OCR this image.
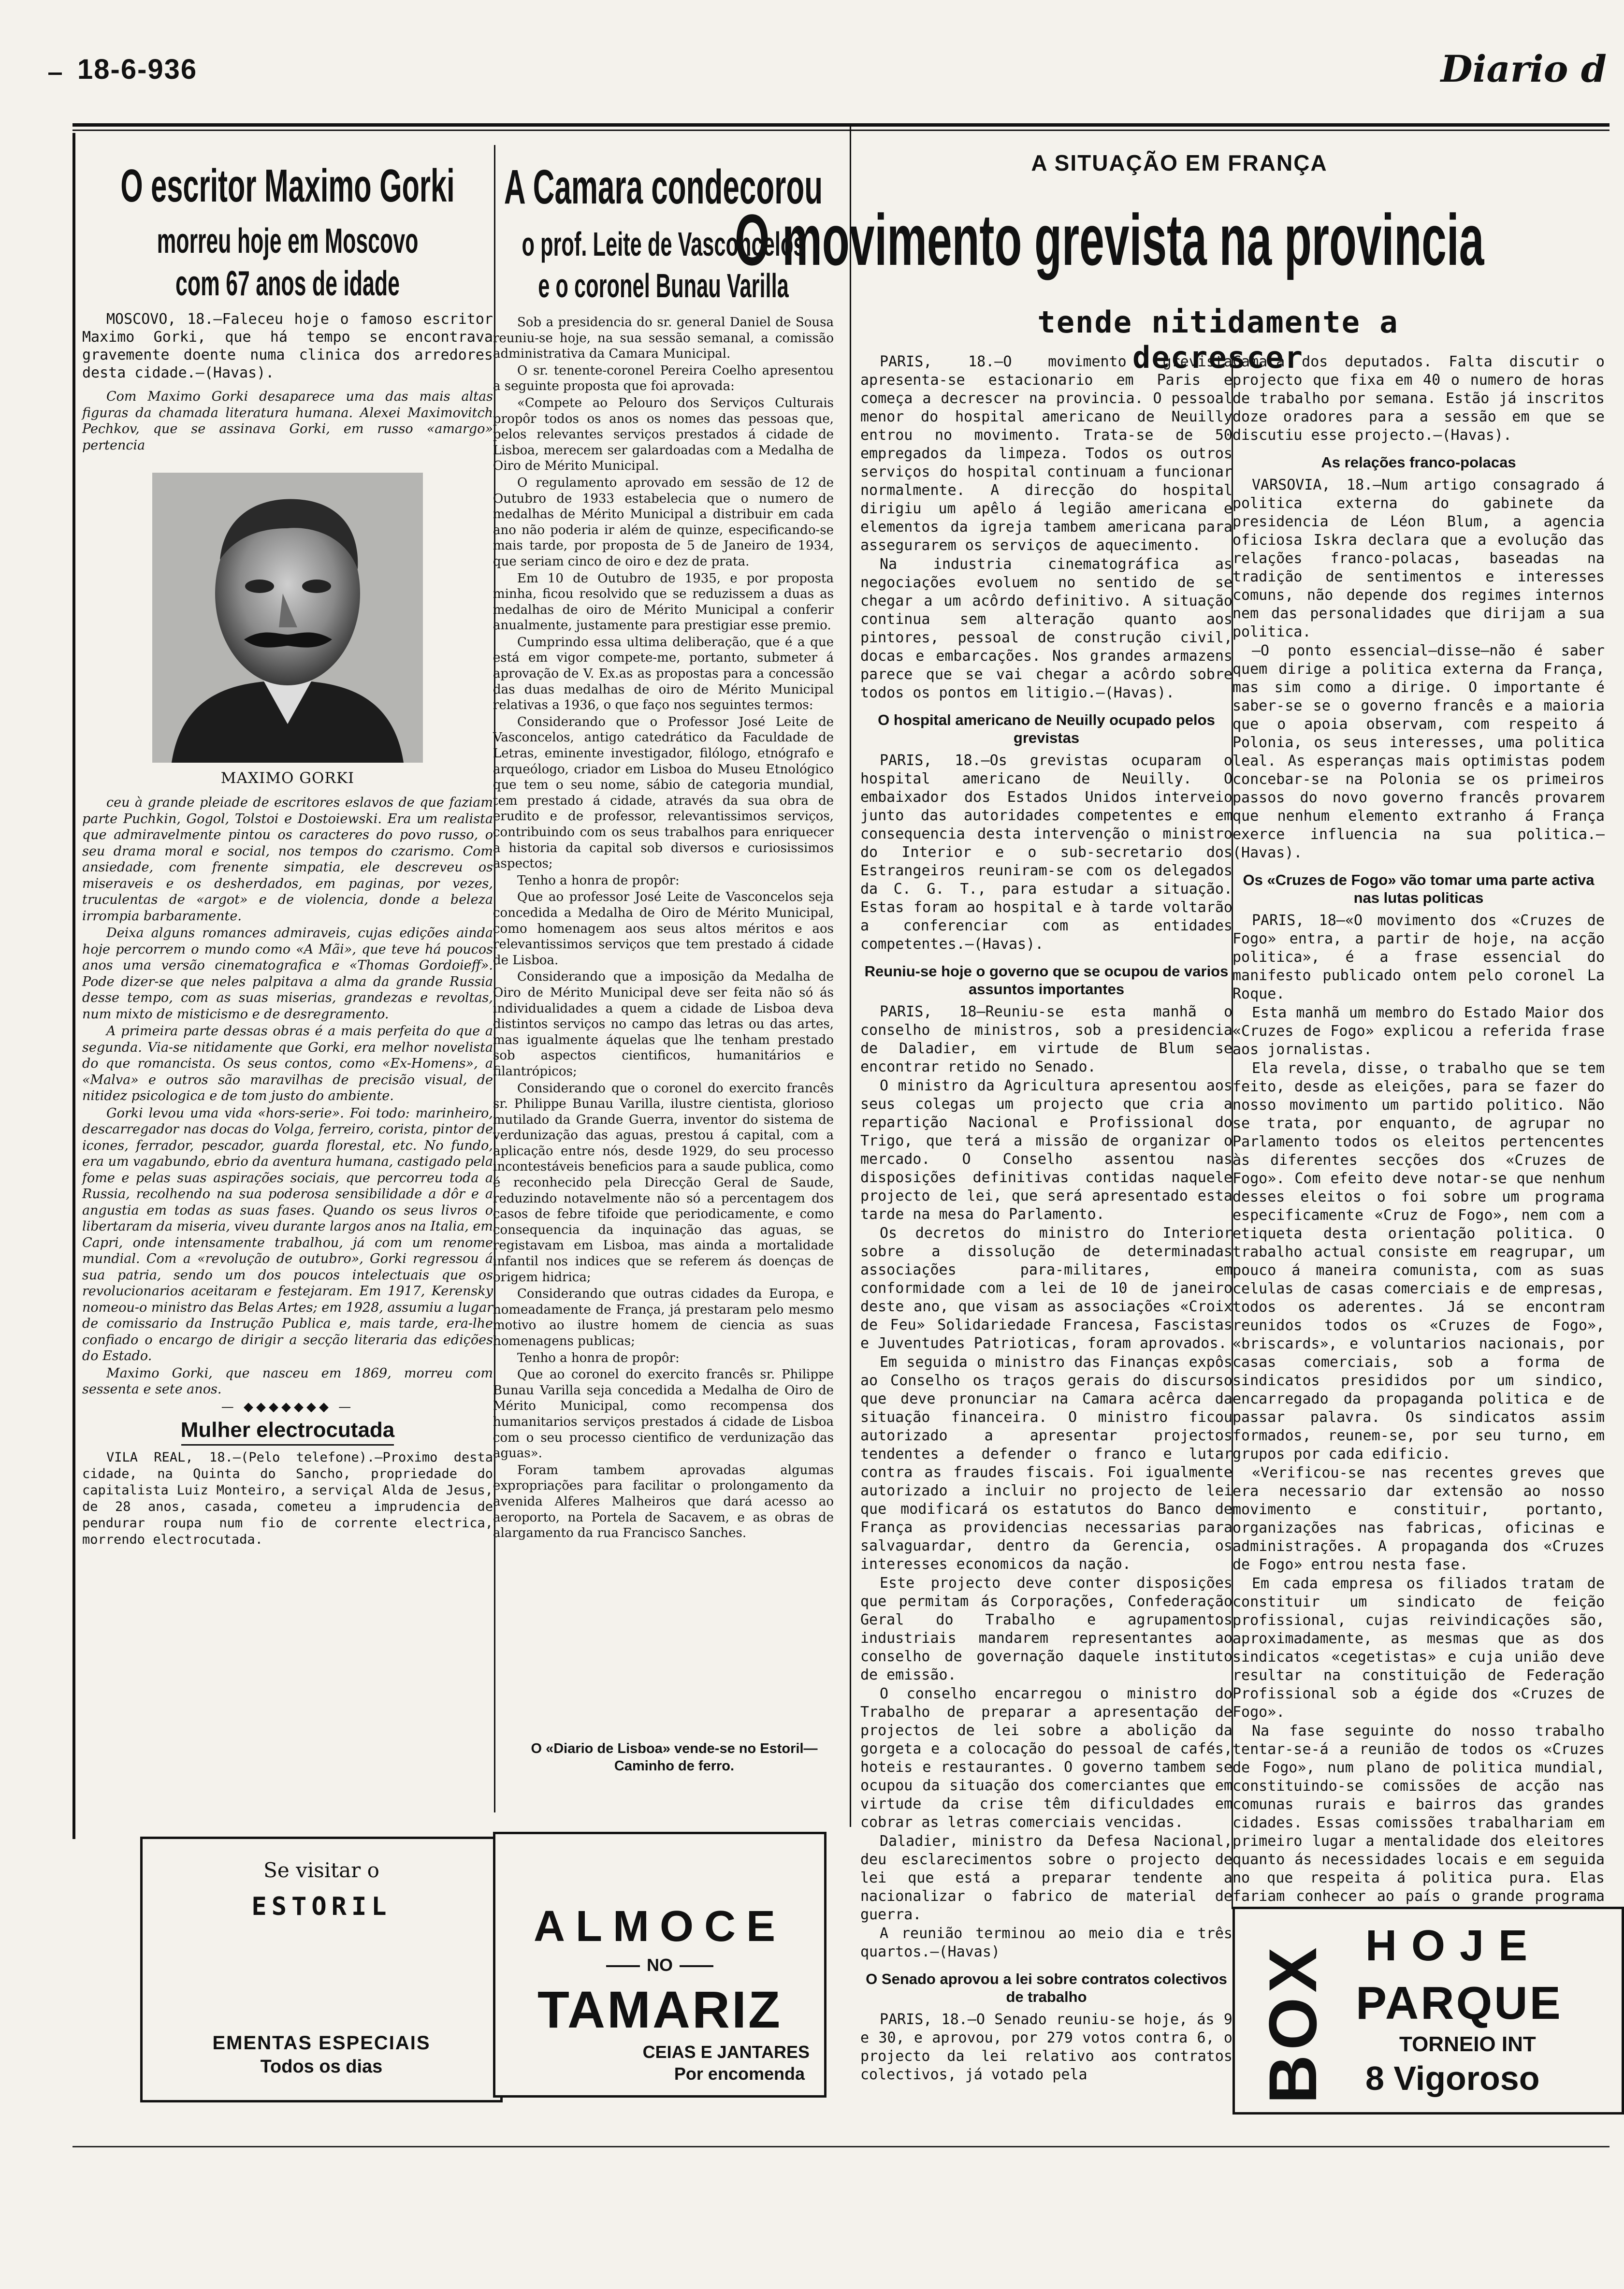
18-6-936	Diario d
O escritor Maximo Gorki
morreu hoje em Moscovo
com 67 anos de idade

MOSCOVO, 18.—Faleceu hoje o famoso escritor Maximo Gorki, que há tempo se encontrava gravemente doente numa clinica dos arredores desta cidade.—(Havas).

Com Maximo Gorki desaparece uma das mais altas figuras da chamada literatura humana. Alexei Maximovitch Pechkov, que se assinava Gorki, em russo «amargo» pertencia

MAXIMO GORKI

ceu à grande pleiade de escritores eslavos de que faziam parte Puchkin, Gogol, Tolstoi e Dostoiewski. Era um realista que admiravelmente pintou os caracteres do povo russo, o seu drama moral e social, nos tempos do czarismo. Com ansiedade, com frenente simpatia, ele descreveu os miseraveis e os desherdados, em paginas, por vezes, truculentas de «argot» e de violencia, donde a beleza irrompia barbaramente.

Deixa alguns romances admiraveis, cujas edições ainda hoje percorrem o mundo como «A Mãi», que teve há poucos anos uma versão cinematografica e «Thomas Gordoieff». Pode dizer-se que neles palpitava a alma da grande Russia desse tempo, com as suas miserias, grandezas e revoltas, num mixto de misticismo e de desregramento.

A primeira parte dessas obras é a mais perfeita do que a segunda. Via-se nitidamente que Gorki, era melhor novelista do que romancista. Os seus contos, como «Ex-Homens», a «Malva» e outros são maravilhas de precisão visual, de nitidez psicologica e de tom justo do ambiente.

Gorki levou uma vida «hors-serie». Foi todo: marinheiro, descarregador nas docas do Volga, ferreiro, corista, pintor de icones, ferrador, pescador, guarda florestal, etc. No fundo, era um vagabundo, ebrio da aventura humana, castigado pela fome e pelas suas aspirações sociais, que percorreu toda a Russia, recolhendo na sua poderosa sensibilidade a dôr e a angustia em todas as suas fases. Quando os seus livros o libertaram da miseria, viveu durante largos anos na Italia, em Capri, onde intensamente trabalhou, já com um renome mundial. Com a «revolução de outubro», Gorki regressou á sua patria, sendo um dos poucos intelectuais que os revolucionarios aceitaram e festejaram. Em 1917, Kerensky nomeou-o ministro das Belas Artes; em 1928, assumiu a lugar de comissario da Instrução Publica e, mais tarde, era-lhe confiado o encargo de dirigir a secção literaria das edições do Estado.

Maximo Gorki, que nasceu em 1869, morreu com sessenta e sete anos.

— ◆◆◆◆◆◆◆ —
Mulher electrocutada

VILA REAL, 18.—(Pelo telefone).—Proximo desta cidade, na Quinta do Sancho, propriedade do capitalista Luiz Monteiro, a serviçal Alda de Jesus, de 28 anos, casada, cometeu a imprudencia de pendurar roupa num fio de corrente electrica, morrendo electrocutada.

A Camara condecorou
o prof. Leite de Vasconcelos
e o coronel Bunau Varilla

Sob a presidencia do sr. general Daniel de Sousa reuniu-se hoje, na sua sessão semanal, a comissão administrativa da Camara Municipal.

O sr. tenente-coronel Pereira Coelho apresentou a seguinte proposta que foi aprovada:

«Compete ao Pelouro dos Serviços Culturais propôr todos os anos os nomes das pessoas que, pelos relevantes serviços prestados á cidade de Lisboa, merecem ser galardoadas com a Medalha de Oiro de Mérito Municipal.

O regulamento aprovado em sessão de 12 de Outubro de 1933 estabelecia que o numero de medalhas de Mérito Municipal a distribuir em cada ano não poderia ir além de quinze, especificando-se mais tarde, por proposta de 5 de Janeiro de 1934, que seriam cinco de oiro e dez de prata.

Em 10 de Outubro de 1935, e por proposta minha, ficou resolvido que se reduzissem a duas as medalhas de oiro de Mérito Municipal a conferir anualmente, justamente para prestigiar esse premio.

Cumprindo essa ultima deliberação, que é a que está em vigor compete-me, portanto, submeter á aprovação de V. Ex.as as propostas para a concessão das duas medalhas de oiro de Mérito Municipal relativas a 1936, o que faço nos seguintes termos:

Considerando que o Professor José Leite de Vasconcelos, antigo catedrático da Faculdade de Letras, eminente investigador, filólogo, etnógrafo e arqueólogo, criador em Lisboa do Museu Etnológico que tem o seu nome, sábio de categoria mundial, tem prestado á cidade, através da sua obra de erudito e de professor, relevantissimos serviços, contribuindo com os seus trabalhos para enriquecer a historia da capital sob diversos e curiosissimos aspectos;

Tenho a honra de propôr:

Que ao professor José Leite de Vasconcelos seja concedida a Medalha de Oiro de Mérito Municipal, como homenagem aos seus altos méritos e aos relevantissimos serviços que tem prestado á cidade de Lisboa.

Considerando que a imposição da Medalha de Oiro de Mérito Municipal deve ser feita não só ás individualidades a quem a cidade de Lisboa deva distintos serviços no campo das letras ou das artes, mas igualmente áquelas que lhe tenham prestado sob aspectos cientificos, humanitários e filantrópicos;

Considerando que o coronel do exercito francês sr. Philippe Bunau Varilla, ilustre cientista, glorioso mutilado da Grande Guerra, inventor do sistema de verdunização das aguas, prestou á capital, com a aplicação entre nós, desde 1929, do seu processo incontestáveis beneficios para a saude publica, como é reconhecido pela Direcção Geral de Saude, reduzindo notavelmente não só a percentagem dos casos de febre tifoide que periodicamente, e como consequencia da inquinação das aguas, se registavam em Lisboa, mas ainda a mortalidade infantil nos indices que se referem ás doenças de origem hidrica;

Considerando que outras cidades da Europa, e nomeadamente de França, já prestaram pelo mesmo motivo ao ilustre homem de ciencia as suas homenagens publicas;

Tenho a honra de propôr:

Que ao coronel do exercito francês sr. Philippe Bunau Varilla seja concedida a Medalha de Oiro de Mérito Municipal, como recompensa dos humanitarios serviços prestados á cidade de Lisboa com o seu processo cientifico de verdunização das aguas».

Foram tambem aprovadas algumas expropriações para facilitar o prolongamento da avenida Alferes Malheiros que dará acesso ao aeroporto, na Portela de Sacavem, e as obras de alargamento da rua Francisco Sanches.

O «Diario de Lisboa» vende-se no Estoril—Caminho de ferro.
A SITUAÇÃO EM FRANÇA
O movimento grevista na provincia
tende nitidamente a decrescer

PARIS, 18.—O movimento grevista apresenta-se estacionario em Paris e começa a decrescer na provincia. O pessoal menor do hospital americano de Neuilly entrou no movimento. Trata-se de 50 empregados da limpeza. Todos os outros serviços do hospital continuam a funcionar normalmente. A direcção do hospital dirigiu um apêlo á legião americana e elementos da igreja tambem americana para assegurarem os serviços de aquecimento.

Na industria cinematográfica as negociações evoluem no sentido de se chegar a um acôrdo definitivo. A situação continua sem alteração quanto aos pintores, pessoal de construção civil, docas e embarcações. Nos grandes armazens parece que se vai chegar a acôrdo sobre todos os pontos em litigio.—(Havas).

O hospital americano de Neuilly ocupado pelos grevistas

PARIS, 18.—Os grevistas ocuparam o hospital americano de Neuilly. O embaixador dos Estados Unidos interveio junto das autoridades competentes e em consequencia desta intervenção o ministro do Interior e o sub-secretario dos Estrangeiros reuniram-se com os delegados da C. G. T., para estudar a situação. Estas foram ao hospital e à tarde voltarão a conferenciar com as entidades competentes.—(Havas).

Reuniu-se hoje o governo que se ocupou de varios assuntos importantes

PARIS, 18—Reuniu-se esta manhã o conselho de ministros, sob a presidencia de Daladier, em virtude de Blum se encontrar retido no Senado.

O ministro da Agricultura apresentou aos seus colegas um projecto que cria a repartição Nacional e Profissional do Trigo, que terá a missão de organizar o mercado. O Conselho assentou nas disposições definitivas contidas naquele projecto de lei, que será apresentado esta tarde na mesa do Parlamento.

Os decretos do ministro do Interior sobre a dissolução de determinadas associações para-militares, em conformidade com a lei de 10 de janeiro deste ano, que visam as associações «Croix de Feu» Solidariedade Francesa, Fascistas e Juventudes Patrioticas, foram aprovados.

Em seguida o ministro das Finanças expôs ao Conselho os traços gerais do discurso que deve pronunciar na Camara acêrca da situação financeira. O ministro ficou autorizado a apresentar projectos tendentes a defender o franco e lutar contra as fraudes fiscais. Foi igualmente autorizado a incluir no projecto de lei que modificará os estatutos do Banco de França as providencias necessarias para salvaguardar, dentro da Gerencia, os interesses economicos da nação.

Este projecto deve conter disposições que permitam ás Corporações, Confederação Geral do Trabalho e agrupamentos industriais mandarem representantes ao conselho de governação daquele instituto de emissão.

O conselho encarregou o ministro do Trabalho de preparar a apresentação de projectos de lei sobre a abolição da gorgeta e a colocação do pessoal de cafés, hoteis e restaurantes. O governo tambem se ocupou da situação dos comerciantes que em virtude da crise têm dificuldades em cobrar as letras comerciais vencidas.

Daladier, ministro da Defesa Nacional, deu esclarecimentos sobre o projecto de lei que está a preparar tendente a nacionalizar o fabrico de material de guerra.

A reunião terminou ao meio dia e três quartos.—(Havas)

O Senado aprovou a lei sobre contratos colectivos de trabalho

PARIS, 18.—O Senado reuniu-se hoje, ás 9 e 30, e aprovou, por 279 votos contra 6, o projecto da lei relativo aos contratos colectivos, já votado pela

Camara dos deputados. Falta discutir o projecto que fixa em 40 o numero de horas de trabalho por semana. Estão já inscritos doze oradores para a sessão em que se discutiu esse projecto.—(Havas).

As relações franco-polacas

VARSOVIA, 18.—Num artigo consagrado á politica externa do gabinete da presidencia de Léon Blum, a agencia oficiosa Iskra declara que a evolução das relações franco-polacas, baseadas na tradição de sentimentos e interesses comuns, não depende dos regimes internos nem das personalidades que dirijam a sua politica.

—O ponto essencial—disse—não é saber quem dirige a politica externa da França, mas sim como a dirige. O importante é saber-se se o governo francês e a maioria que o apoia observam, com respeito á Polonia, os seus interesses, uma politica leal. As esperanças mais optimistas podem concebar-se na Polonia se os primeiros passos do novo governo francês provarem que nenhum elemento extranho á França exerce influencia na sua politica.—(Havas).

Os «Cruzes de Fogo» vão tomar uma parte activa nas lutas politicas

PARIS, 18—«O movimento dos «Cruzes de Fogo» entra, a partir de hoje, na acção politica», é a frase essencial do manifesto publicado ontem pelo coronel La Roque.

Esta manhã um membro do Estado Maior dos «Cruzes de Fogo» explicou a referida frase aos jornalistas.

Ela revela, disse, o trabalho que se tem feito, desde as eleições, para se fazer do nosso movimento um partido politico. Não se trata, por enquanto, de agrupar no Parlamento todos os eleitos pertencentes às diferentes secções dos «Cruzes de Fogo». Com efeito deve notar-se que nenhum desses eleitos o foi sobre um programa especificamente «Cruz de Fogo», nem com a etiqueta desta orientação politica. O trabalho actual consiste em reagrupar, um pouco á maneira comunista, com as suas celulas de casas comerciais e de empresas, todos os aderentes. Já se encontram reunidos todos os «Cruzes de Fogo», «briscards», e voluntarios nacionais, por casas comerciais, sob a forma de sindicatos presididos por um sindico, encarregado da propaganda politica e de passar palavra. Os sindicatos assim formados, reunem-se, por seu turno, em grupos por cada edificio.

«Verificou-se nas recentes greves que era necessario dar extensão ao nosso movimento e constituir, portanto, organizações nas fabricas, oficinas e administrações. A propaganda dos «Cruzes de Fogo» entrou nesta fase.

Em cada empresa os filiados tratam de constituir um sindicato de feição profissional, cujas reivindicações são, aproximadamente, as mesmas que as dos sindicatos «cegetistas» e cuja união deve resultar na constituição de Federação Profissional sob a égide dos «Cruzes de Fogo».

Na fase seguinte do nosso trabalho tentar-se-á a reunião de todos os «Cruzes de Fogo», num plano de politica mundial, constituindo-se comissões de acção nas comunas rurais e bairros das grandes cidades. Essas comissões trabalhariam em primeiro lugar a mentalidade dos eleitores quanto ás necessidades locais e em seguida no que respeita á politica pura. Elas fariam conhecer ao país o grande programa

Se visitar o
ESTORIL
EMENTAS ESPECIAIS
Todos os dias
ALMOCE
NO
TAMARIZ
CEIAS E JANTARES
Por encomenda	BOX HOJE
PARQUE
TORNEIO INT
8 Vigoroso
